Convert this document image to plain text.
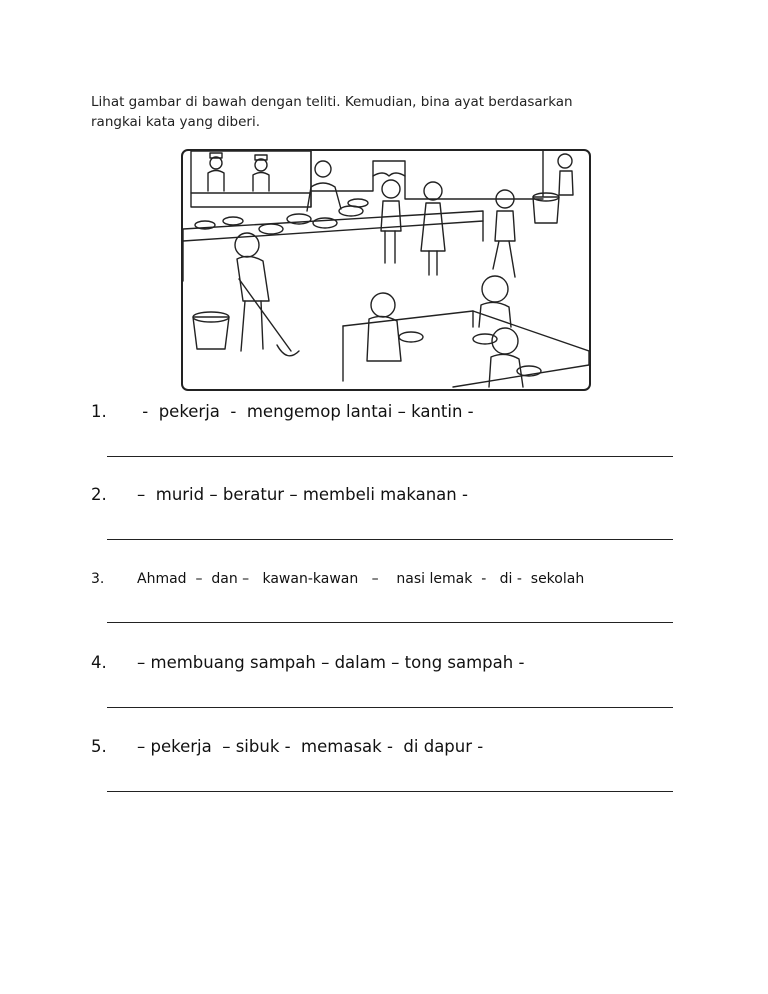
Lihat gambar di bawah dengan teliti. Kemudian, bina ayat berdasarkan
rangkai kata yang diberi.
1. -  pekerja  -  mengemop lantai – kantin -
2. –  murid – beratur – membeli makanan -
3. Ahmad  –  dan –   kawan-kawan   –    nasi lemak  -   di -  sekolah
4. – membuang sampah – dalam – tong sampah -
5. – pekerja  – sibuk -  memasak -  di dapur -
